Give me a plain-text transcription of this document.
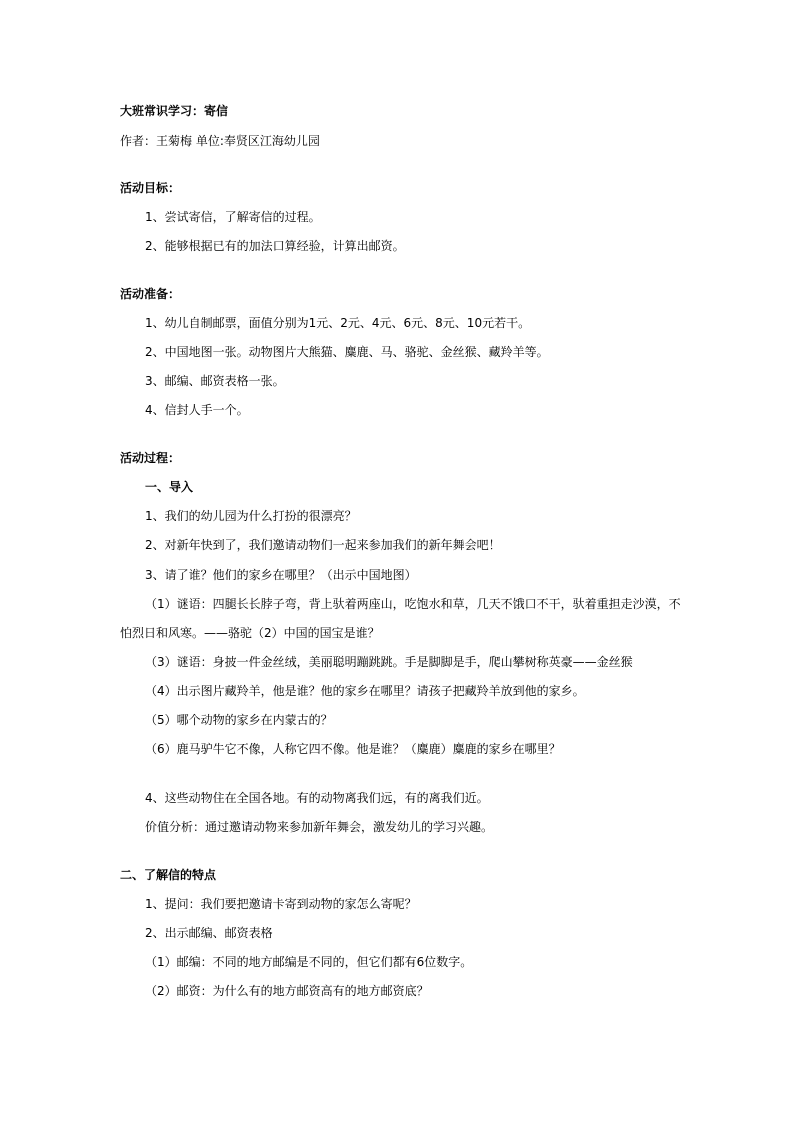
大班常识学习：寄信
作者：王菊梅 单位:奉贤区江海幼儿园
活动目标：
1、尝试寄信，了解寄信的过程。
2、能够根据已有的加法口算经验，计算出邮资。
活动准备：
1、幼儿自制邮票，面值分别为1元、2元、4元、6元、8元、10元若干。
2、中国地图一张。动物图片大熊猫、麋鹿、马、骆驼、金丝猴、藏羚羊等。
3、邮编、邮资表格一张。
4、信封人手一个。
活动过程：
一、导入
1、我们的幼儿园为什么打扮的很漂亮？
2、对新年快到了，我们邀请动物们一起来参加我们的新年舞会吧！
3、请了谁？他们的家乡在哪里？（出示中国地图）
（1）谜语：四腿长长脖子弯，背上驮着两座山，吃饱水和草，几天不饿口不干，驮着重担走沙漠，不
怕烈日和风寒。——骆驼（2）中国的国宝是谁？
（3）谜语：身披一件金丝绒，美丽聪明蹦跳跳。手是脚脚是手，爬山攀树称英豪——金丝猴
（4）出示图片藏羚羊，他是谁？他的家乡在哪里？请孩子把藏羚羊放到他的家乡。
（5）哪个动物的家乡在内蒙古的？
（6）鹿马驴牛它不像，人称它四不像。他是谁？（麋鹿）麋鹿的家乡在哪里？
4、这些动物住在全国各地。有的动物离我们远，有的离我们近。
价值分析：通过邀请动物来参加新年舞会，激发幼儿的学习兴趣。
二、了解信的特点
1、提问：我们要把邀请卡寄到动物的家怎么寄呢？
2、出示邮编、邮资表格
（1）邮编：不同的地方邮编是不同的，但它们都有6位数字。
（2）邮资：为什么有的地方邮资高有的地方邮资底？
